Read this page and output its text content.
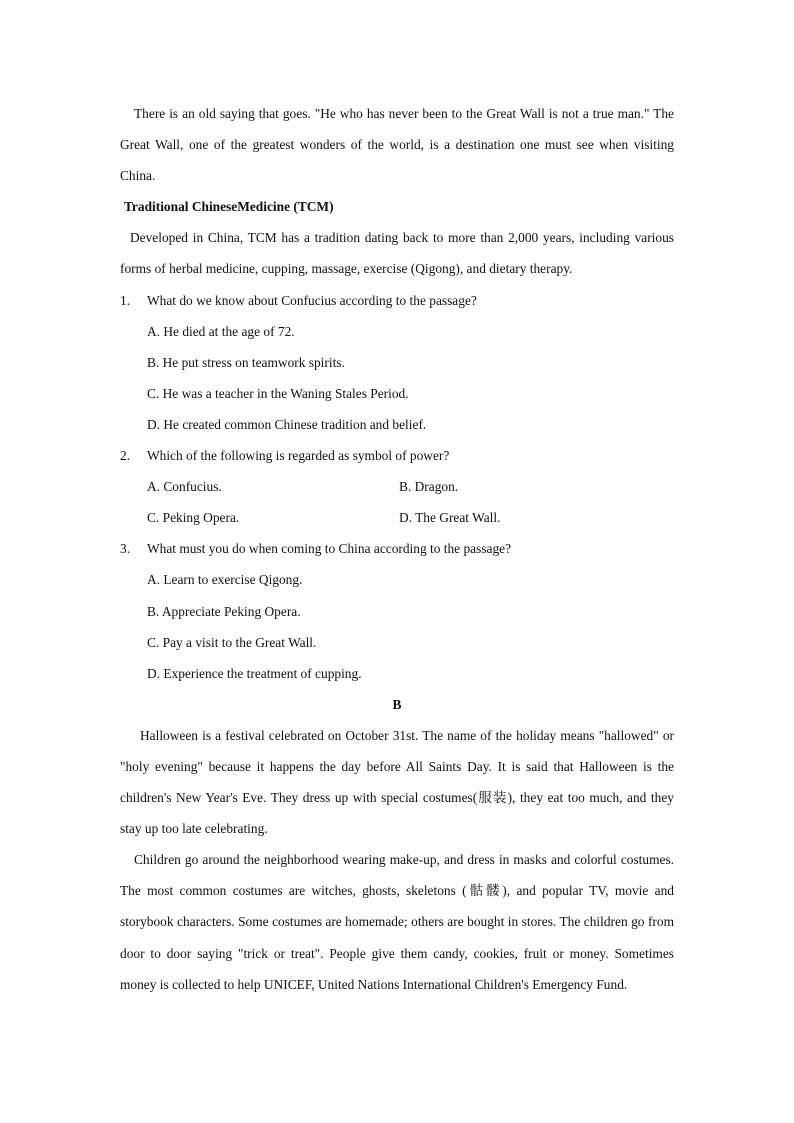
There is an old saying that goes. "He who has never been to the Great Wall is not a true man." The Great Wall, one of the greatest wonders of the world, is a destination one must see when visiting China.
Traditional ChineseMedicine (TCM)
Developed in China, TCM has a tradition dating back to more than 2,000 years, including various forms of herbal medicine, cupping, massage, exercise (Qigong), and dietary therapy.
1. What do we know about Confucius according to the passage?
A. He died at the age of 72.
B. He put stress on teamwork spirits.
C. He was a teacher in the Waning Stales Period.
D. He created common Chinese tradition and belief.
2. Which of the following is regarded as symbol of power?
A. Confucius.	B. Dragon.
C. Peking Opera.	D. The Great Wall.
3. What must you do when coming to China according to the passage?
A. Learn to exercise Qigong.
B. Appreciate Peking Opera.
C. Pay a visit to the Great Wall.
D. Experience the treatment of cupping.
B
Halloween is a festival celebrated on October 31st. The name of the holiday means "hallowed" or "holy evening" because it happens the day before All Saints Day. It is said that Halloween is the children's New Year's Eve. They dress up with special costumes(服装), they eat too much, and they stay up too late celebrating.
Children go around the neighborhood wearing make-up, and dress in masks and colorful costumes. The most common costumes are witches, ghosts, skeletons (骷髅), and popular TV, movie and storybook characters. Some costumes are homemade; others are bought in stores. The children go from door to door saying "trick or treat". People give them candy, cookies, fruit or money. Sometimes money is collected to help UNICEF, United Nations International Children's Emergency Fund.
